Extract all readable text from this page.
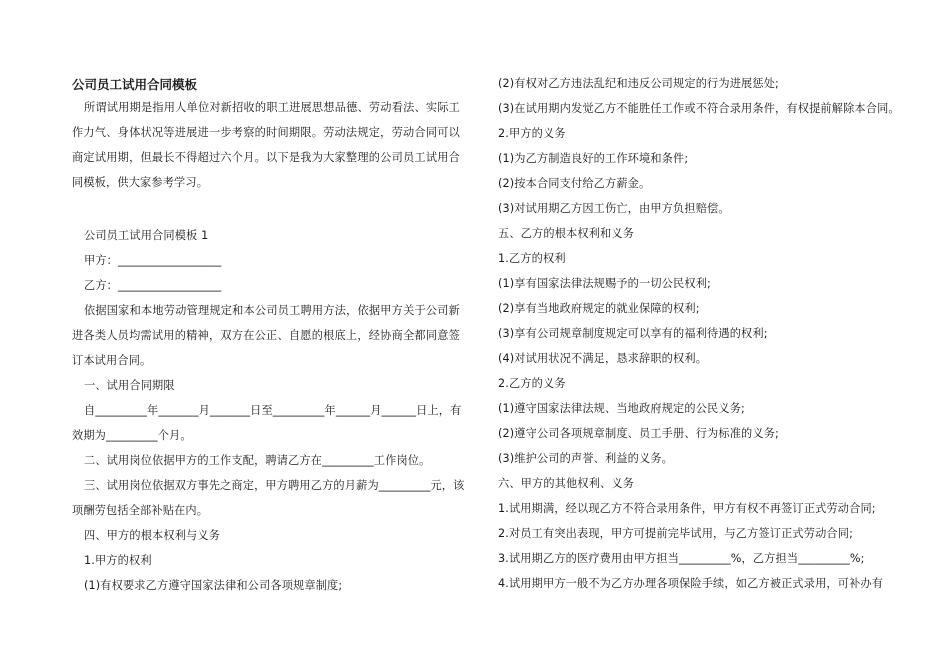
公司员工试用合同模板
所谓试用期是指用人单位对新招收的职工进展思想品德、劳动看法、实际工
作力气、身体状况等进展进一步考察的时间期限。劳动法规定，劳动合同可以
商定试用期，但最长不得超过六个月。以下是我为大家整理的公司员工试用合
同模板，供大家参考学习。
公司员工试用合同模板 1
甲方：__________________
乙方：__________________
依据国家和本地劳动管理规定和本公司员工聘用方法，依据甲方关于公司新
进各类人员均需试用的精神，双方在公正、自愿的根底上，经协商全都同意签
订本试用合同。
一、试用合同期限
自_________年_______月_______日至_________年______月______日上，有
效期为_________个月。
二、试用岗位依据甲方的工作支配，聘请乙方在_________工作岗位。
三、试用岗位依据双方事先之商定，甲方聘用乙方的月薪为_________元，该
项酬劳包括全部补贴在内。
四、甲方的根本权利与义务
1.甲方的权利
(1)有权要求乙方遵守国家法律和公司各项规章制度;
(2)有权对乙方违法乱纪和违反公司规定的行为进展惩处;
(3)在试用期内发觉乙方不能胜任工作或不符合录用条件，有权提前解除本合同。
2.甲方的义务
(1)为乙方制造良好的工作环境和条件;
(2)按本合同支付给乙方薪金。
(3)对试用期乙方因工伤亡，由甲方负担赔偿。
五、乙方的根本权利和义务
1.乙方的权利
(1)享有国家法律法规赐予的一切公民权利;
(2)享有当地政府规定的就业保障的权利;
(3)享有公司规章制度规定可以享有的福利待遇的权利;
(4)对试用状况不满足，恳求辞职的权利。
2.乙方的义务
(1)遵守国家法律法规、当地政府规定的公民义务;
(2)遵守公司各项规章制度、员工手册、行为标准的义务;
(3)维护公司的声誉、利益的义务。
六、甲方的其他权利、义务
1.试用期满，经以现乙方不符合录用条件，甲方有权不再签订正式劳动合同;
2.对员工有突出表现，甲方可提前完毕试用，与乙方签订正式劳动合同;
3.试用期乙方的医疗费用由甲方担当_________%，乙方担当_________%;
4.试用期甲方一般不为乙方办理各项保险手续，如乙方被正式录用，可补办有
